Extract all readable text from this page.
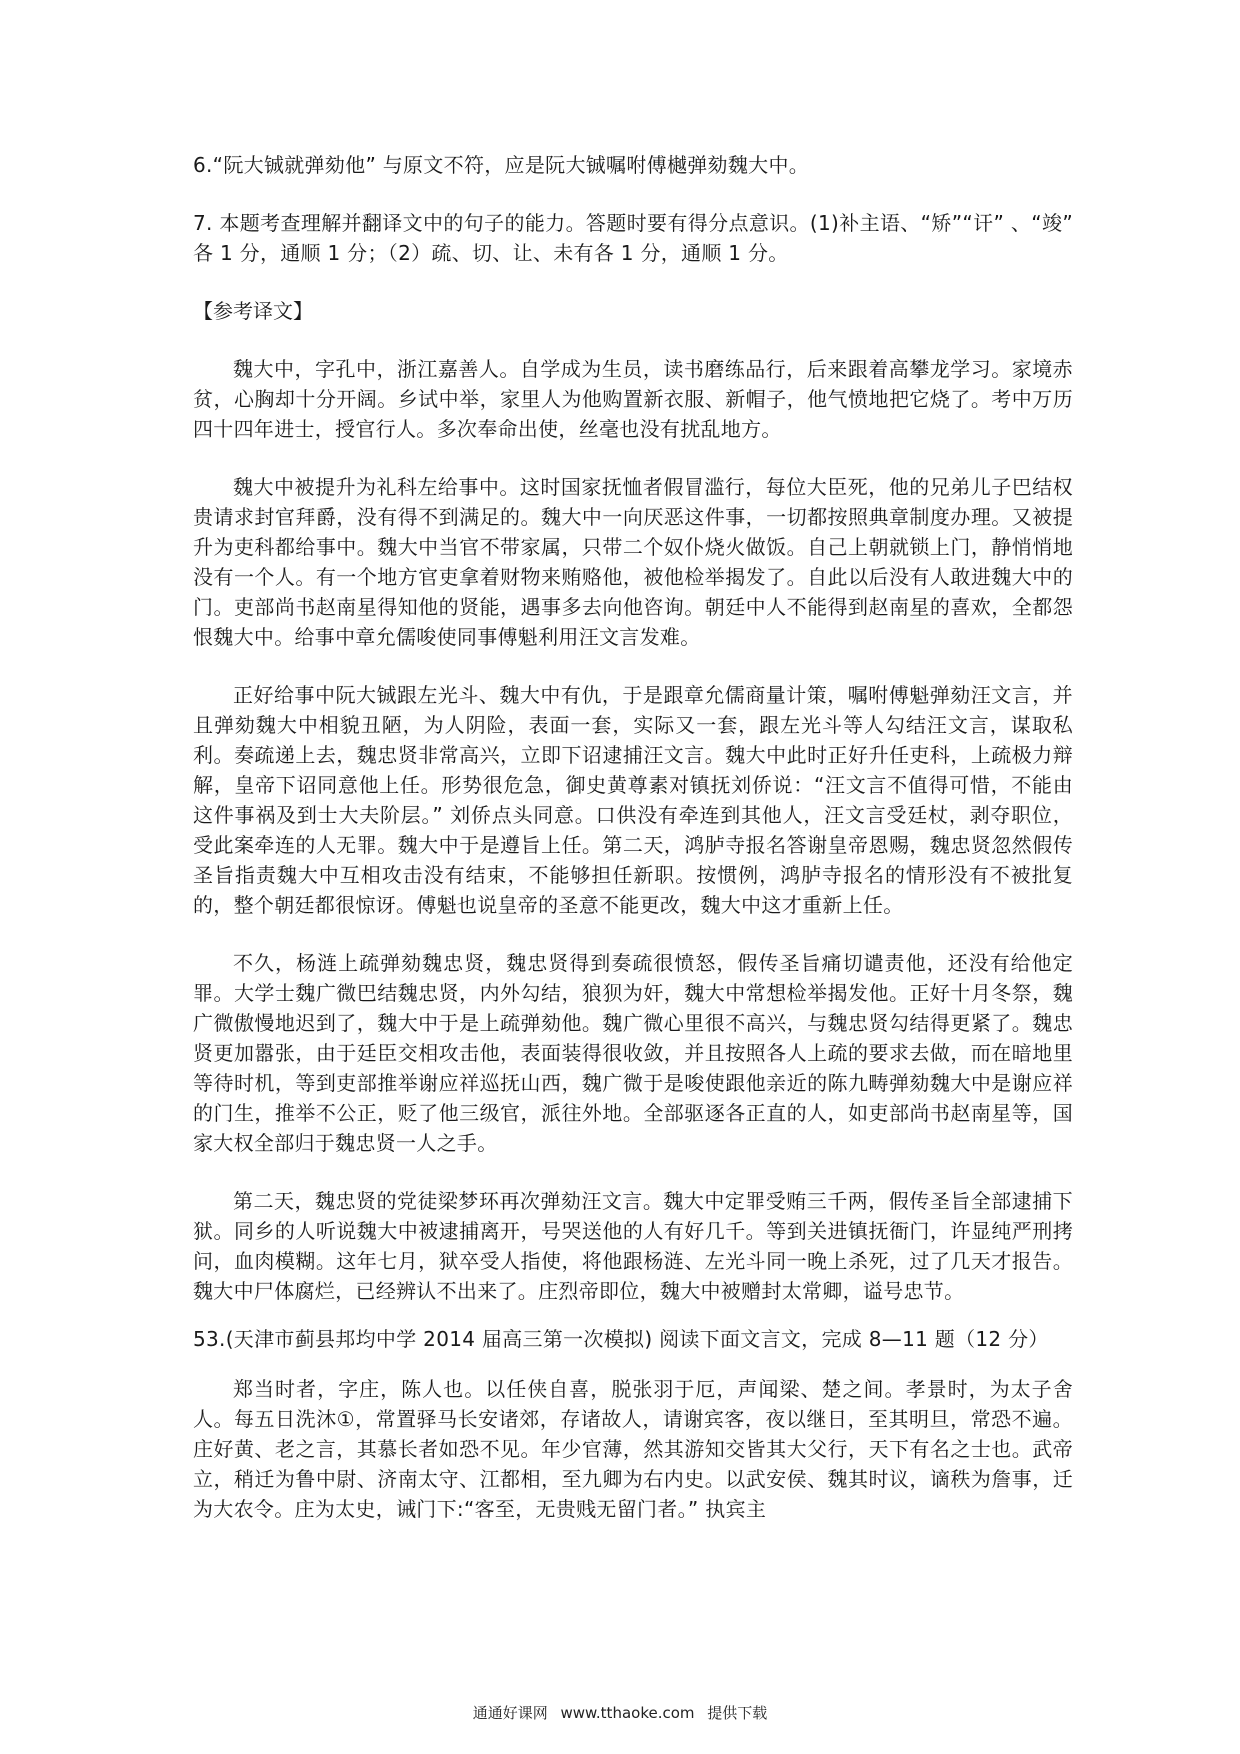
6.“阮大铖就弹劾他” 与原文不符，应是阮大铖嘱咐傅樾弹劾魏大中。

7. 本题考查理解并翻译文中的句子的能力。答题时要有得分点意识。(1)补主语、“矫”“讦” 、“竣” 各 1 分，通顺 1 分；（2）疏、切、让、未有各 1 分，通顺 1 分。

【参考译文】

魏大中，字孔中，浙江嘉善人。自学成为生员，读书磨练品行，后来跟着高攀龙学习。家境赤贫，心胸却十分开阔。乡试中举，家里人为他购置新衣服、新帽子，他气愤地把它烧了。考中万历四十四年进士，授官行人。多次奉命出使，丝毫也没有扰乱地方。

魏大中被提升为礼科左给事中。这时国家抚恤者假冒滥行，每位大臣死，他的兄弟儿子巴结权贵请求封官拜爵，没有得不到满足的。魏大中一向厌恶这件事，一切都按照典章制度办理。又被提升为吏科都给事中。魏大中当官不带家属，只带二个奴仆烧火做饭。自己上朝就锁上门，静悄悄地没有一个人。有一个地方官吏拿着财物来贿赂他，被他检举揭发了。自此以后没有人敢进魏大中的门。吏部尚书赵南星得知他的贤能，遇事多去向他咨询。朝廷中人不能得到赵南星的喜欢，全都怨恨魏大中。给事中章允儒唆使同事傅魁利用汪文言发难。

正好给事中阮大铖跟左光斗、魏大中有仇，于是跟章允儒商量计策，嘱咐傅魁弹劾汪文言，并且弹劾魏大中相貌丑陋，为人阴险，表面一套，实际又一套，跟左光斗等人勾结汪文言，谋取私利。奏疏递上去，魏忠贤非常高兴，立即下诏逮捕汪文言。魏大中此时正好升任吏科，上疏极力辩解，皇帝下诏同意他上任。形势很危急，御史黄尊素对镇抚刘侨说：“汪文言不值得可惜，不能由这件事祸及到士大夫阶层。” 刘侨点头同意。口供没有牵连到其他人，汪文言受廷杖，剥夺职位，受此案牵连的人无罪。魏大中于是遵旨上任。第二天，鸿胪寺报名答谢皇帝恩赐，魏忠贤忽然假传圣旨指责魏大中互相攻击没有结束，不能够担任新职。按惯例，鸿胪寺报名的情形没有不被批复的，整个朝廷都很惊讶。傅魁也说皇帝的圣意不能更改，魏大中这才重新上任。

不久，杨涟上疏弹劾魏忠贤，魏忠贤得到奏疏很愤怒，假传圣旨痛切谴责他，还没有给他定罪。大学士魏广微巴结魏忠贤，内外勾结，狼狈为奸，魏大中常想检举揭发他。正好十月冬祭，魏广微傲慢地迟到了，魏大中于是上疏弹劾他。魏广微心里很不高兴，与魏忠贤勾结得更紧了。魏忠贤更加嚣张，由于廷臣交相攻击他，表面装得很收敛，并且按照各人上疏的要求去做，而在暗地里等待时机，等到吏部推举谢应祥巡抚山西，魏广微于是唆使跟他亲近的陈九畴弹劾魏大中是谢应祥的门生，推举不公正，贬了他三级官，派往外地。全部驱逐各正直的人，如吏部尚书赵南星等，国家大权全部归于魏忠贤一人之手。

第二天，魏忠贤的党徒梁梦环再次弹劾汪文言。魏大中定罪受贿三千两，假传圣旨全部逮捕下狱。同乡的人听说魏大中被逮捕离开，号哭送他的人有好几千。等到关进镇抚衙门，许显纯严刑拷问，血肉模糊。这年七月，狱卒受人指使，将他跟杨涟、左光斗同一晚上杀死，过了几天才报告。魏大中尸体腐烂，已经辨认不出来了。庄烈帝即位，魏大中被赠封太常卿，谥号忠节。

53.(天津市蓟县邦均中学 2014 届高三第一次模拟) 阅读下面文言文，完成 8—11 题（12 分）

郑当时者，字庄，陈人也。以任侠自喜，脱张羽于厄，声闻梁、楚之间。孝景时，为太子舍人。每五日洗沐①，常置驿马长安诸郊，存诸故人，请谢宾客，夜以继日，至其明旦，常恐不遍。庄好黄、老之言，其慕长者如恐不见。年少官薄，然其游知交皆其大父行，天下有名之士也。武帝立，稍迁为鲁中尉、济南太守、江都相，至九卿为右内史。以武安侯、魏其时议，谪秩为詹事，迁为大农令。庄为太史，诫门下:“客至，无贵贱无留门者。” 执宾主

通通好课网 www.tthaoke.com 提供下载
